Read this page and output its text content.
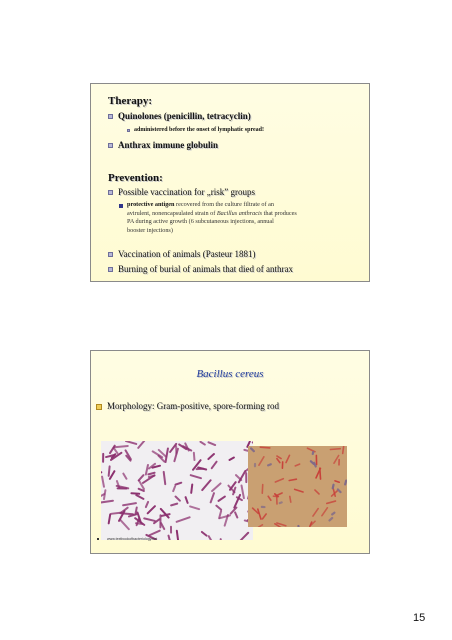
Therapy:
Quinolones (penicillin, tetracyclin)
administered before the onset of lymphatic spread!
Anthrax immune globulin
Prevention:
Possible vaccination for „risk” groups
protective antigen recovered from the culture filtrate of an
avirulent, nonencapsulated strain of Bacillus anthracis that produces
PA during active growth (6 subcutaneous injections, annual
booster injections)
Vaccination of animals (Pasteur 1881)
Burning of burial of animals that died of anthrax
Bacillus cereus
Morphology: Gram-positive, spore-forming rod
www.textbookofbacteriology.net
15
